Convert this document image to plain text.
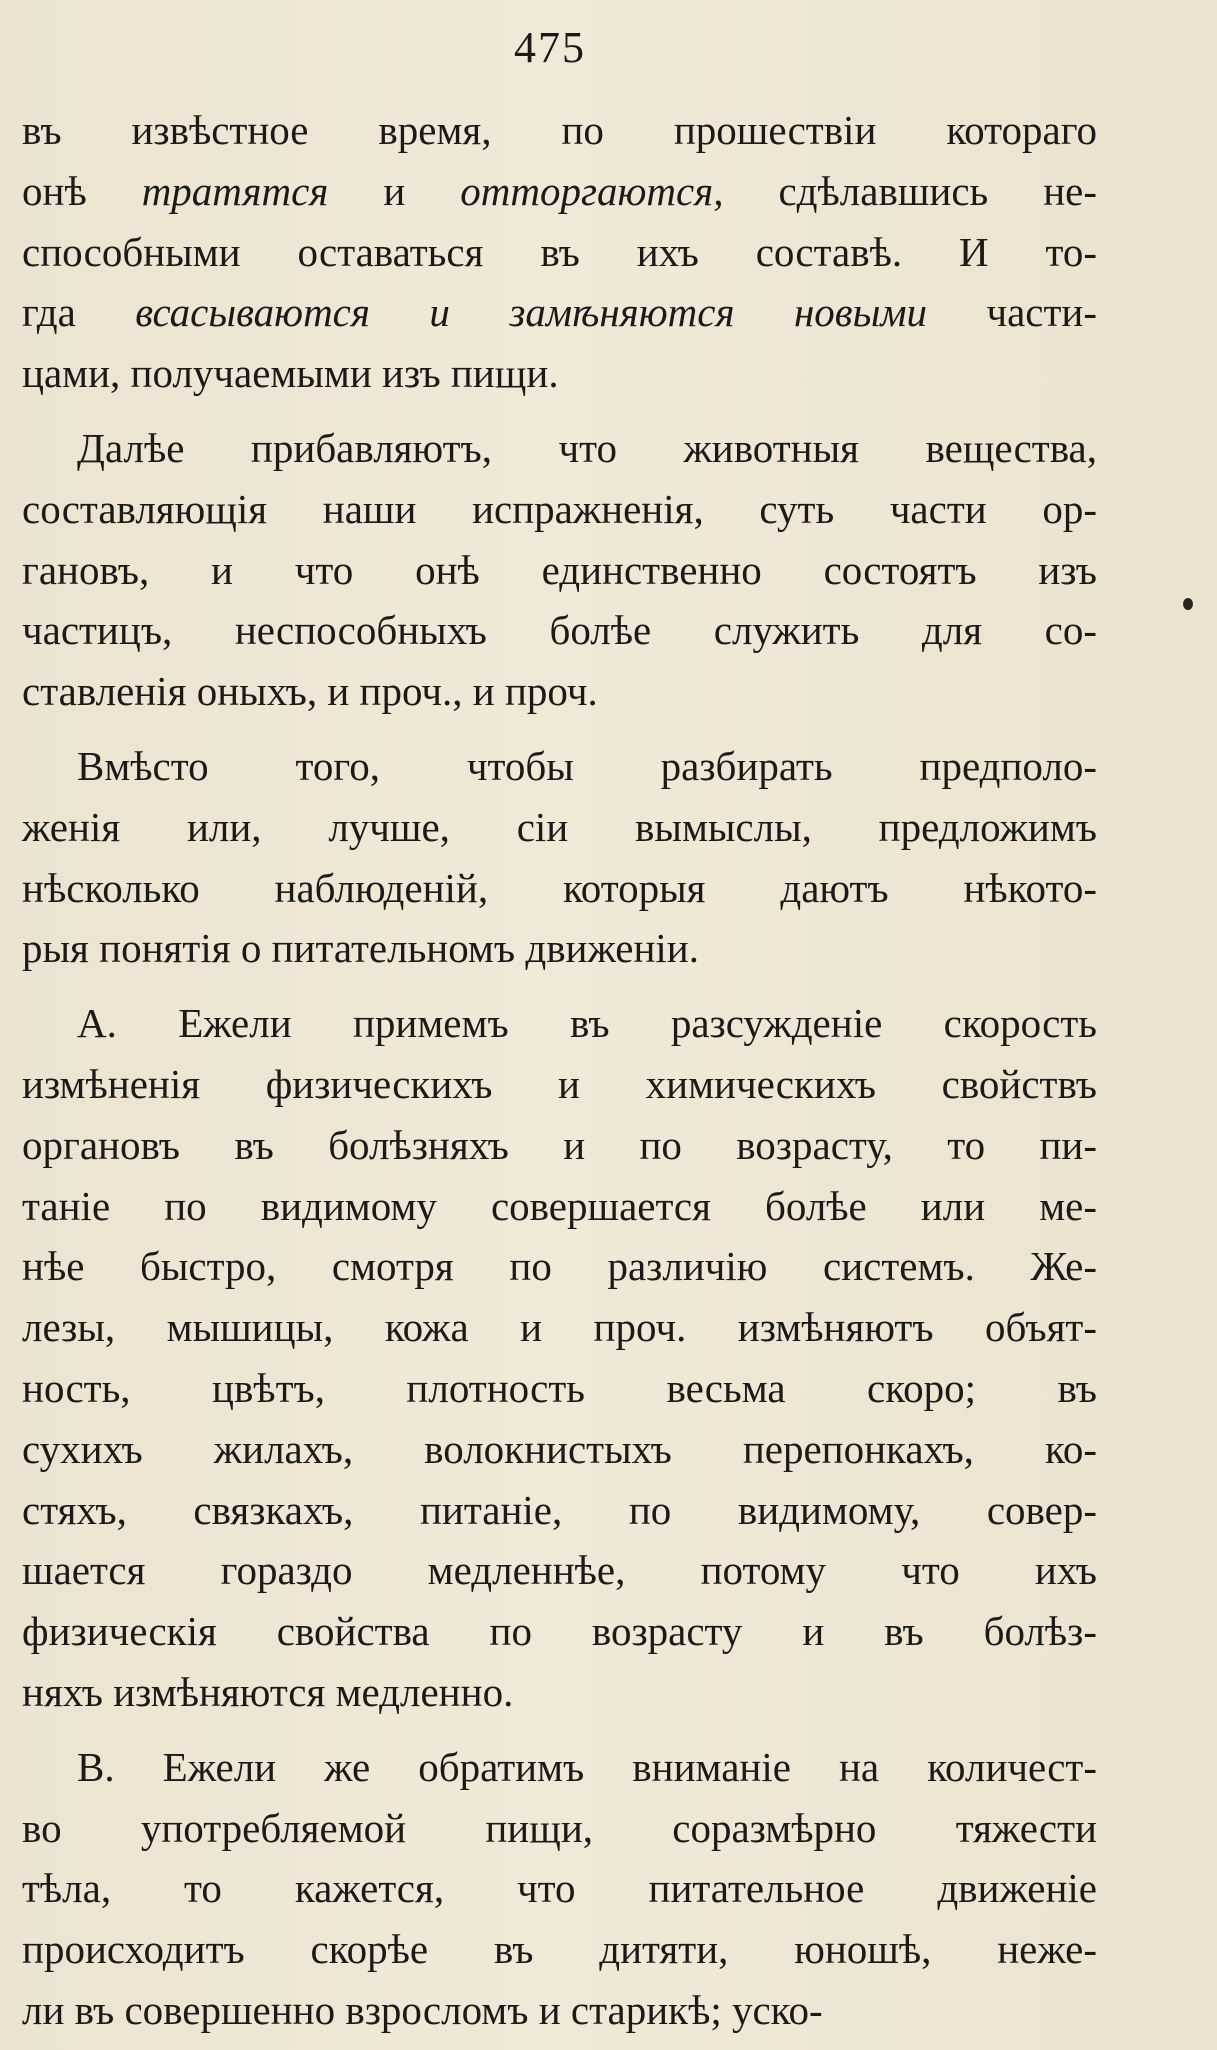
475
въ извѣстное время, по прошествіи котораго
онѣ тратятся и отторгаются, сдѣлавшись не-
способными оставаться въ ихъ составѣ. И то-
гда всасываются и замѣняются новыми части-
цами, получаемыми изъ пищи.
Далѣе прибавляютъ, что животныя вещества,
составляющія наши испражненія, суть части ор-
гановъ, и что онѣ единственно состоятъ изъ
частицъ, неспособныхъ болѣе служить для со-
ставленія оныхъ, и проч., и проч.
Вмѣсто того, чтобы разбирать предполо-
женія или, лучше, сіи вымыслы, предложимъ
нѣсколько наблюденій, которыя даютъ нѣкото-
рыя понятія о питательномъ движеніи.
А. Ежели примемъ въ разсужденіе скорость
измѣненія физическихъ и химическихъ свойствъ
органовъ въ болѣзняхъ и по возрасту, то пи-
таніе по видимому совершается болѣе или ме-
нѣе быстро, смотря по различію системъ. Же-
лезы, мышицы, кожа и проч. измѣняютъ объят-
ность, цвѣтъ, плотность весьма скоро; въ
сухихъ жилахъ, волокнистыхъ перепонкахъ, ко-
стяхъ, связкахъ, питаніе, по видимому, совер-
шается гораздо медленнѣе, потому что ихъ
физическія свойства по возрасту и въ болѣз-
няхъ измѣняются медленно.
В. Ежели же обратимъ вниманіе на количест-
во употребляемой пищи, соразмѣрно тяжести
тѣла, то кажется, что питательное движеніе
происходитъ скорѣе въ дитяти, юношѣ, нeже-
ли въ совершенно взросломъ и старикѣ; уско-
